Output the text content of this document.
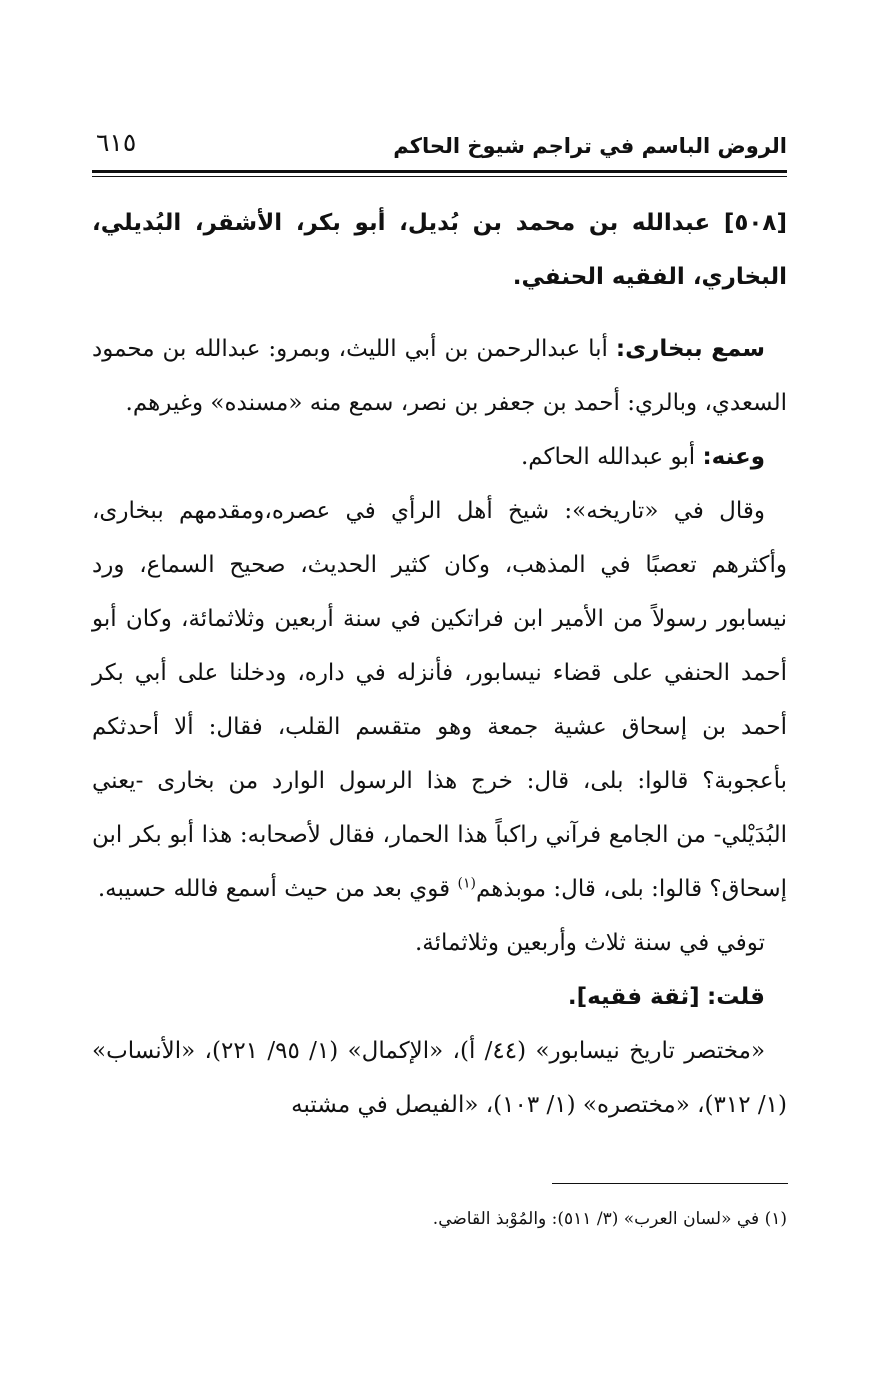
الروض الباسم في تراجم شيوخ الحاكم
٦١٥

[٥٠٨] عبدالله بن محمد بن بُديل، أبو بكر، الأشقر، البُديلي، البخاري، الفقيه الحنفي.

سمع ببخارى: أبا عبدالرحمن بن أبي الليث، وبمرو: عبدالله بن محمود السعدي، وبالري: أحمد بن جعفر بن نصر، سمع منه «مسنده» وغيرهم.

وعنه: أبو عبدالله الحاكم.

وقال في «تاريخه»: شيخ أهل الرأي في عصره،ومقدمهم ببخارى، وأكثرهم تعصبًا في المذهب، وكان كثير الحديث، صحيح السماع، ورد نيسابور رسولاً من الأمير ابن فراتكين في سنة أربعين وثلاثمائة، وكان أبو أحمد الحنفي على قضاء نيسابور، فأنزله في داره، ودخلنا على أبي بكر أحمد بن إسحاق عشية جمعة وهو متقسم القلب، فقال: ألا أحدثكم بأعجوبة؟ قالوا: بلى، قال: خرج هذا الرسول الوارد من بخارى -يعني البُدَيْلي- من الجامع فرآني راكباً هذا الحمار، فقال لأصحابه: هذا أبو بكر ابن إسحاق؟ قالوا: بلى، قال: موبذهم$^{(١)}$ قوي بعد من حيث أسمع فالله حسيبه.

توفي في سنة ثلاث وأربعين وثلاثمائة.

قلت: [ثقة فقيه].

«مختصر تاريخ نيسابور» (٤٤/ أ)، «الإكمال» (١/ ٩٥/ ٢٢١)، «الأنساب» (١/ ٣١٢)، «مختصره» (١/ ١٠٣)، «الفيصل في مشتبه

(١) في «لسان العرب» (٣/ ٥١١): والمُوْبذ القاضي.
